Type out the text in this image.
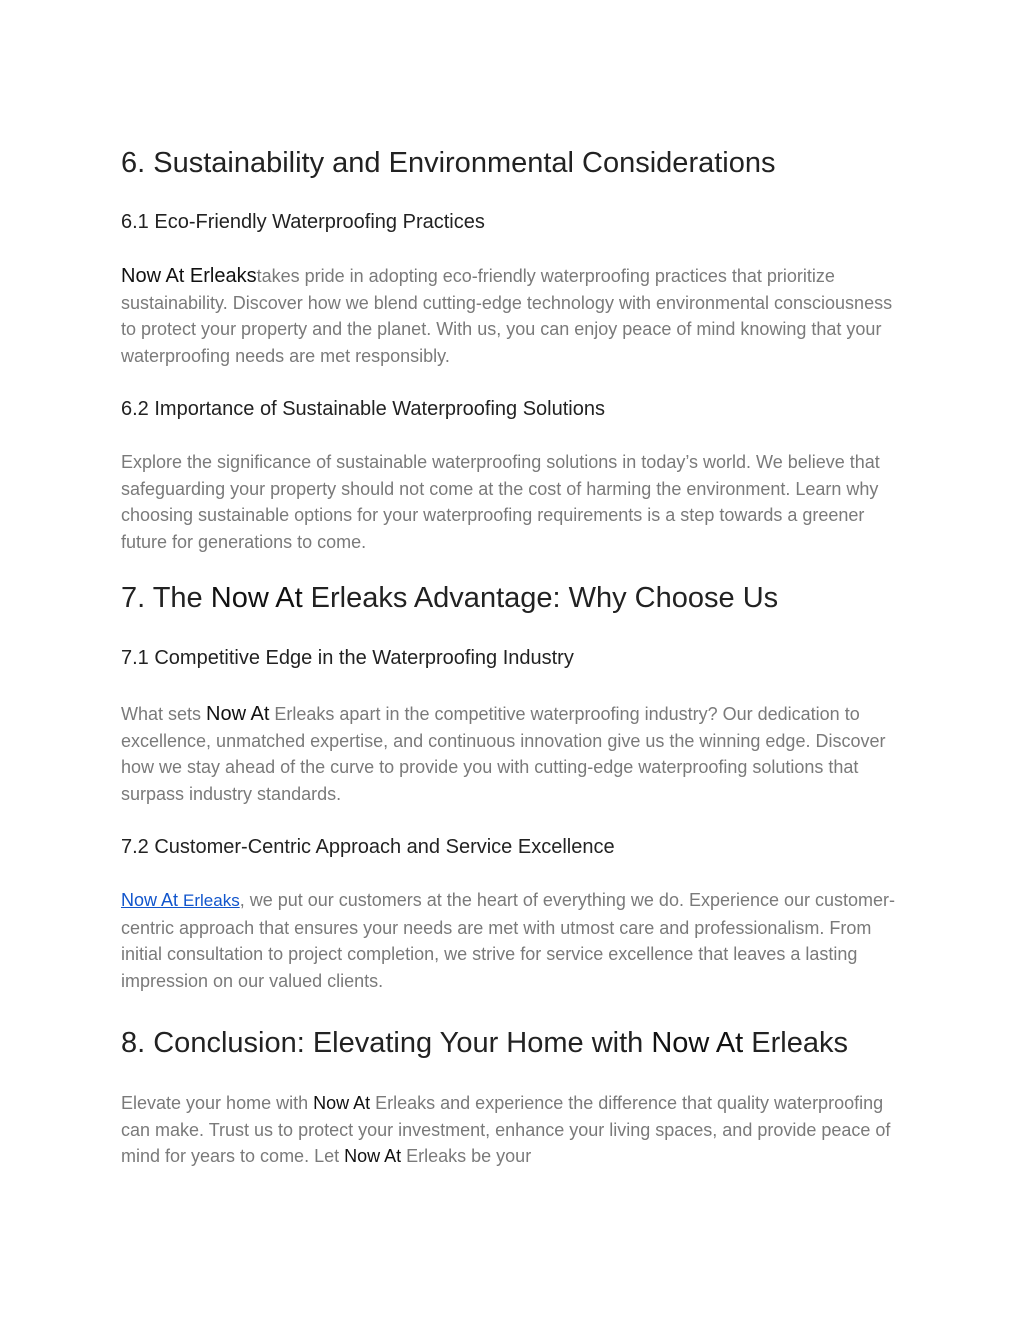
6. Sustainability and Environmental Considerations
6.1 Eco-Friendly Waterproofing Practices

Now At Erleakstakes pride in adopting eco-friendly waterproofing practices that prioritize sustainability. Discover how we blend cutting-edge technology with environmental consciousness to protect your property and the planet. With us, you can enjoy peace of mind knowing that your waterproofing needs are met responsibly.

6.2 Importance of Sustainable Waterproofing Solutions

Explore the significance of sustainable waterproofing solutions in today’s world. We believe that safeguarding your property should not come at the cost of harming the environment. Learn why choosing sustainable options for your waterproofing requirements is a step towards a greener future for generations to come.

7. The Now At Erleaks Advantage: Why Choose Us
7.1 Competitive Edge in the Waterproofing Industry

What sets Now At Erleaks apart in the competitive waterproofing industry? Our dedication to excellence, unmatched expertise, and continuous innovation give us the winning edge. Discover how we stay ahead of the curve to provide you with cutting-edge waterproofing solutions that surpass industry standards.

7.2 Customer-Centric Approach and Service Excellence

Now At Erleaks, we put our customers at the heart of everything we do. Experience our customer-centric approach that ensures your needs are met with utmost care and professionalism. From initial consultation to project completion, we strive for service excellence that leaves a lasting impression on our valued clients.

8. Conclusion: Elevating Your Home with Now At Erleaks

Elevate your home with Now At Erleaks and experience the difference that quality waterproofing can make. Trust us to protect your investment, enhance your living spaces, and provide peace of mind for years to come. Let Now At Erleaks be your
